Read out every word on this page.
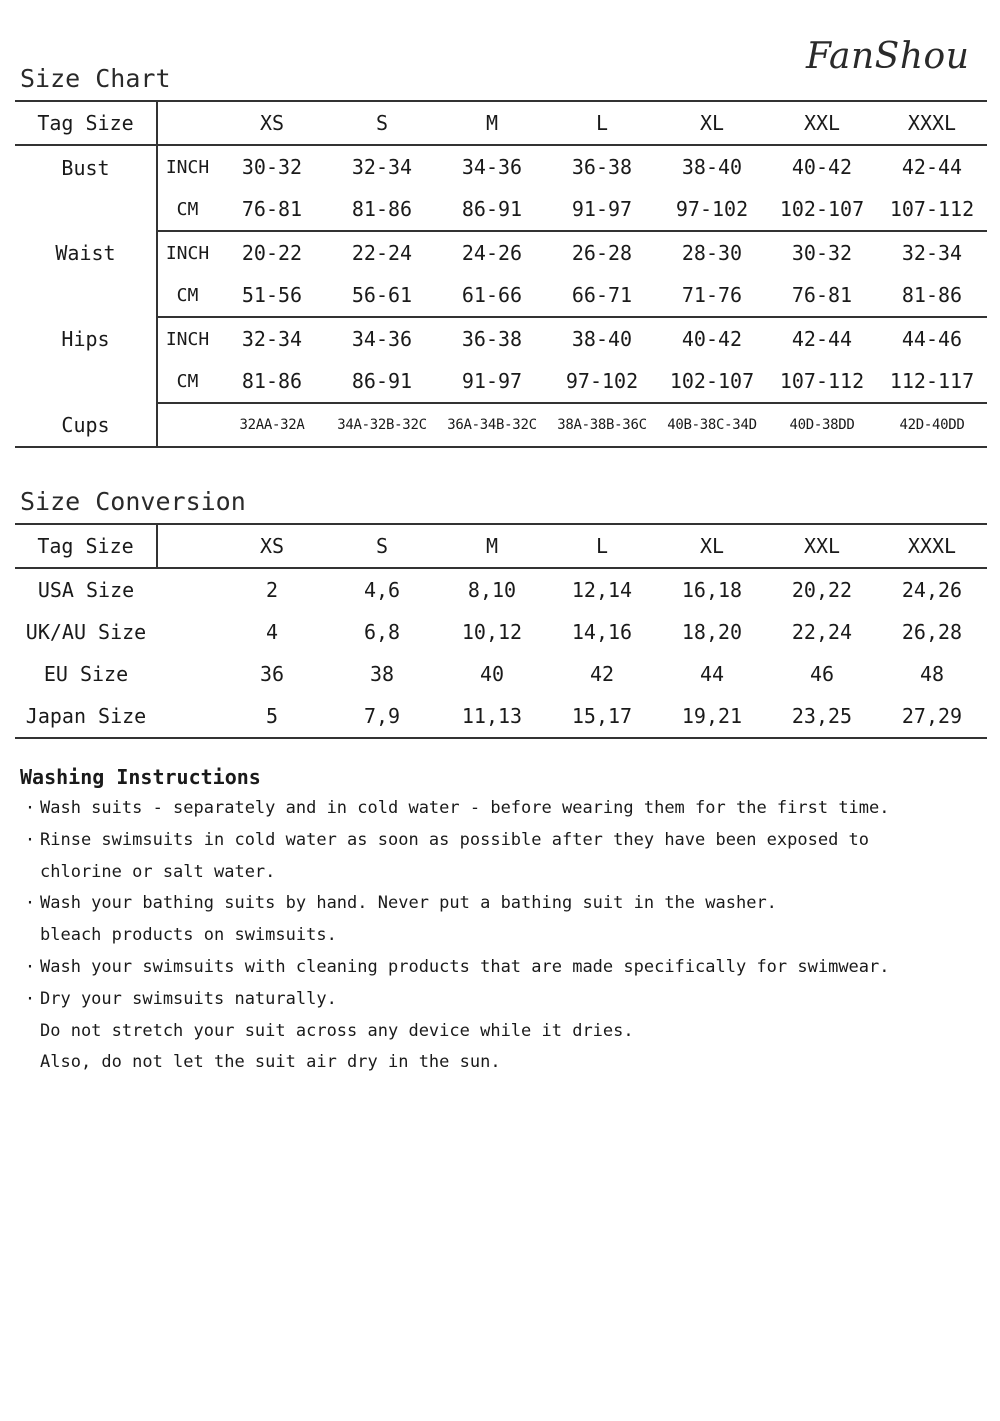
FanShou
Size Chart
Tag Size		XS	S	M	L	XL	XXL	XXXL
Bust	INCH	30-32	32-34	34-36	36-38	38-40	40-42	42-44
	CM	76-81	81-86	86-91	91-97	97-102	102-107	107-112
Waist	INCH	20-22	22-24	24-26	26-28	28-30	30-32	32-34
	CM	51-56	56-61	61-66	66-71	71-76	76-81	81-86
Hips	INCH	32-34	34-36	36-38	38-40	40-42	42-44	44-46
	CM	81-86	86-91	91-97	97-102	102-107	107-112	112-117
Cups		32AA-32A	34A-32B-32C	36A-34B-32C	38A-38B-36C	40B-38C-34D	40D-38DD	42D-40DD
Size Conversion
Tag Size		XS	S	M	L	XL	XXL	XXXL
USA Size		2	4,6	8,10	12,14	16,18	20,22	24,26
UK/AU Size		4	6,8	10,12	14,16	18,20	22,24	26,28
EU Size		36	38	40	42	44	46	48
Japan Size		5	7,9	11,13	15,17	19,21	23,25	27,29
Washing Instructions
· Wash suits - separately and in cold water - before wearing them for the first time.
· Rinse swimsuits in cold water as soon as possible after they have been exposed to
chlorine or salt water.
· Wash your bathing suits by hand. Never put a bathing suit in the washer.
bleach products on swimsuits.
· Wash your swimsuits with cleaning products that are made specifically for swimwear.
· Dry your swimsuits naturally.
Do not stretch your suit across any device while it dries.
Also, do not let the suit air dry in the sun.
